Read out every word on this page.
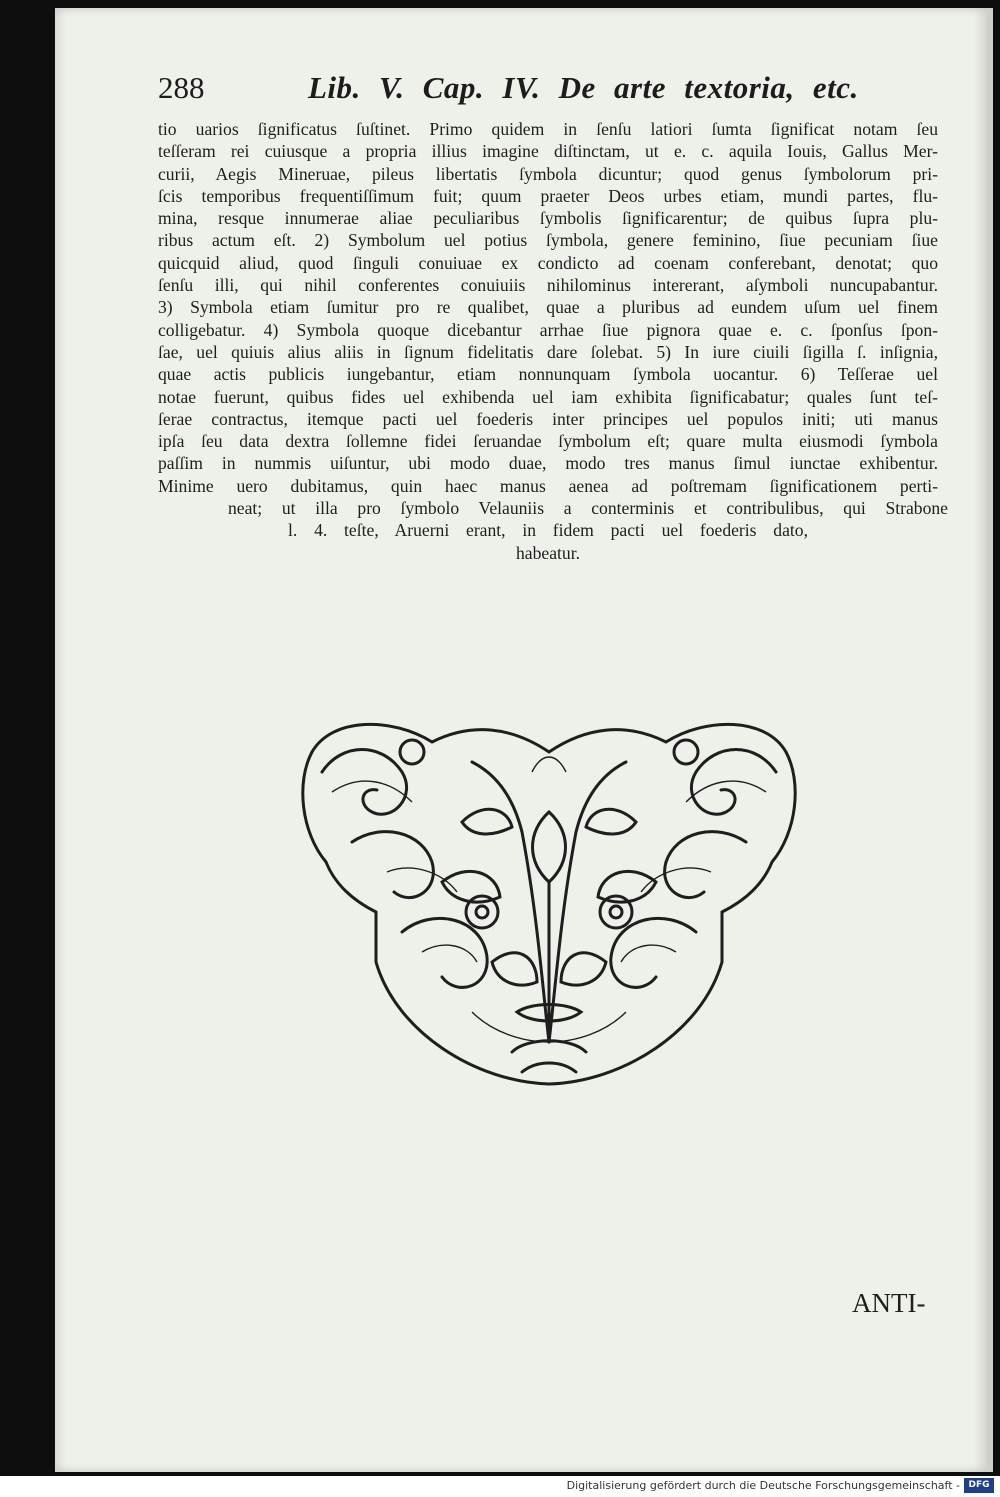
288	Lib. V. Cap. IV. De arte textoria, etc.
tio uarios ſignificatus ſuſtinet. Primo quidem in ſenſu latiori ſumta ſignificat notam ſeu
teſſeram rei cuiusque a propria illius imagine diſtinctam, ut e. c. aquila Iouis, Gallus Mer-
curii, Aegis Mineruae, pileus libertatis ſymbola dicuntur; quod genus ſymbolorum pri-
ſcis temporibus frequentiſſimum fuit; quum praeter Deos urbes etiam, mundi partes, flu-
mina, resque innumerae aliae peculiaribus ſymbolis ſignificarentur; de quibus ſupra plu-
ribus actum eſt. 2) Symbolum uel potius ſymbola, genere feminino, ſiue pecuniam ſiue
quicquid aliud, quod ſinguli conuiuae ex condicto ad coenam conferebant, denotat; quo
ſenſu illi, qui nihil conferentes conuiuiis nihilominus intererant, aſymboli nuncupabantur.
3) Symbola etiam ſumitur pro re qualibet, quae a pluribus ad eundem uſum uel finem
colligebatur. 4) Symbola quoque dicebantur arrhae ſiue pignora quae e. c. ſponſus ſpon-
ſae, uel quiuis alius aliis in ſignum fidelitatis dare ſolebat. 5) In iure ciuili ſigilla ſ. inſignia,
quae actis publicis iungebantur, etiam nonnunquam ſymbola uocantur. 6) Teſſerae uel
notae fuerunt, quibus fides uel exhibenda uel iam exhibita ſignificabatur; quales ſunt teſ-
ſerae contractus, itemque pacti uel foederis inter principes uel populos initi; uti manus
ipſa ſeu data dextra ſollemne fidei ſeruandae ſymbolum eſt; quare multa eiusmodi ſymbola
paſſim in nummis uiſuntur, ubi modo duae, modo tres manus ſimul iunctae exhibentur.
Minime uero dubitamus, quin haec manus aenea ad poſtremam ſignificationem perti-
neat; ut illa pro ſymbolo Velauniis a conterminis et contribulibus, qui Strabone
l. 4. teſte, Aruerni erant, in fidem pacti uel foederis dato,
habeatur.
ANTI-
Digitalisierung gefördert durch die Deutsche Forschungsgemeinschaft - DFG
